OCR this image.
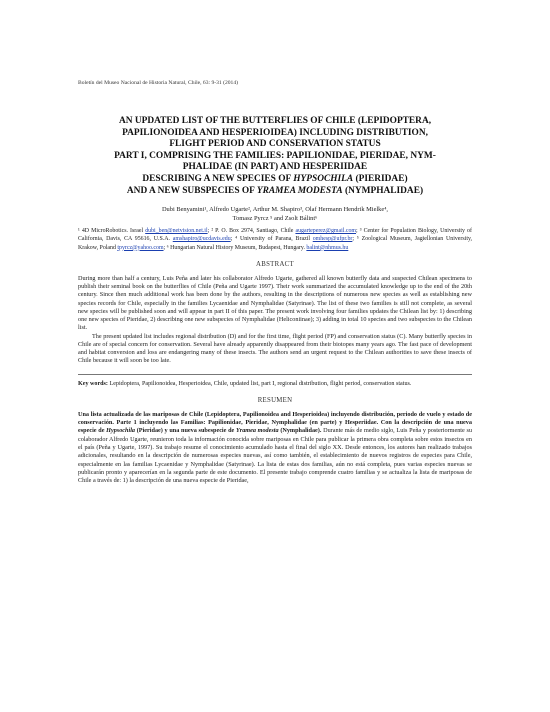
Boletín del Museo Nacional de Historia Natural, Chile, 63: 9-31 (2014)
AN UPDATED LIST OF THE BUTTERFLIES OF CHILE (LEPIDOPTERA,
PAPILIONOIDEA AND HESPERIOIDEA) INCLUDING DISTRIBUTION,
FLIGHT PERIOD AND CONSERVATION STATUS
PART I, COMPRISING THE FAMILIES: PAPILIONIDAE, PIERIDAE, NYM-
PHALIDAE (IN PART) AND HESPERIIDAE
DESCRIBING A NEW SPECIES OF HYPSOCHILA (PIERIDAE)
AND A NEW SUBSPECIES OF YRAMEA MODESTA (NYMPHALIDAE)
Dubi Benyamini¹, Alfredo Ugarte², Arthur M. Shapiro³, Olaf Hermann Hendrik Mielke⁴,
Tomasz Pyrcz ⁵ and Zsolt Bálint⁶
¹ 4D MicroRobotics. Israel dubi_ben@netvision.net.il; ² P. O. Box 2974, Santiago, Chile augarteperez@gmail.com; ³ Center for Population Biology, University of California, Davis, CA 95616, U.S.A. amshapiro@ucdavis.edu; ⁴ University of Parana, Brazil omhesp@ufpr.br; ⁵ Zoological Museum, Jagiellonian University, Krakow, Poland tpyrcz@yahoo.com; ⁶ Hungarian Natural History Museum, Budapest, Hungary. balint@nhmus.hu
ABSTRACT

During more than half a century, Luis Peña and later his collaborator Alfredo Ugarte, gathered all known butterfly data and suspected Chilean specimens to publish their seminal book on the butterflies of Chile (Peña and Ugarte 1997). Their work summarized the accumulated knowledge up to the end of the 20th century. Since then much additional work has been done by the authors, resulting in the descriptions of numerous new species as well as establishing new species records for Chile, especially in the families Lycaenidae and Nymphalidae (Satyrinae). The list of these two families is still not complete, as several new species will be published soon and will appear in part II of this paper. The present work involving four families updates the Chilean list by: 1) describing one new species of Pieridae, 2) describing one new subspecies of Nymphalidae (Heliconiinae); 3) adding in total 10 species and two subspecies to the Chilean list.

The present updated list includes regional distribution (D) and for the first time, flight period (FP) and conservation status (C). Many butterfly species in Chile are of special concern for conservation. Several have already apparently disappeared from their biotopes many years ago. The fast pace of development and habitat conversion and loss are endangering many of these insects. The authors send an urgent request to the Chilean authorities to save these insects of Chile because it will soon be too late.

Key words: Lepidoptera, Papilionoidea, Hesperioidea, Chile, updated list, part I, regional distribution, flight period, conservation status.
RESUMEN

Una lista actualizada de las mariposas de Chile (Lepidoptera, Papilionoidea and Hesperioidea) incluyendo distribución, periodo de vuelo y estado de conservación. Parte 1 incluyendo las Familias: Papilionidae, Pieridae, Nymphalidae (en parte) y Hesperiidae. Con la descripción de una nueva especie de Hypsochila (Pieridae) y una nueva subespecie de Yramea modesta (Nymphalidae). Durante más de medio siglo, Luis Peña y posteriormente su colaborador Alfredo Ugarte, reunieron toda la información conocida sobre mariposas en Chile para publicar la primera obra completa sobre estos insectos en el país (Peña y Ugarte, 1997). Su trabajo resume el conocimiento acumulado hasta el final del siglo XX. Desde entonces, los autores han realizado trabajos adicionales, resultando en la descripción de numerosas especies nuevas, así como también, el establecimiento de nuevos registros de especies para Chile, especialmente en las familias Lycaenidae y Nymphalidae (Satyrinae). La lista de estas dos familias, aún no está completa, pues varias especies nuevas se publicarán pronto y aparecerían en la segunda parte de este documento. El presente trabajo comprende cuatro familias y se actualiza la lista de mariposas de Chile a través de: 1) la descripción de una nueva especie de Pieridae,
